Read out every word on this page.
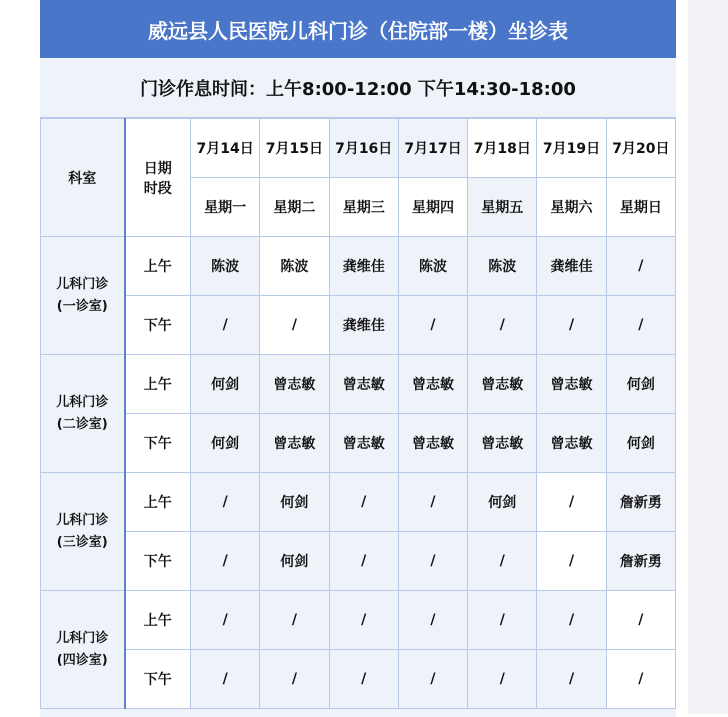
威远县人民医院儿科门诊（住院部一楼）坐诊表
门诊作息时间：上午8:00-12:00 下午14:30-18:00
科室	日期
时段	7月14日	7月15日	7月16日	7月17日	7月18日	7月19日	7月20日
		星期一	星期二	星期三	星期四	星期五	星期六	星期日
儿科门诊
(一诊室)	上午	陈波	陈波	龚维佳	陈波	陈波	龚维佳	/
	下午	/	/	龚维佳	/	/	/	/
儿科门诊
(二诊室)	上午	何剑	曾志敏	曾志敏	曾志敏	曾志敏	曾志敏	何剑
	下午	何剑	曾志敏	曾志敏	曾志敏	曾志敏	曾志敏	何剑
儿科门诊
(三诊室)	上午	/	何剑	/	/	何剑	/	詹新勇
	下午	/	何剑	/	/	/	/	詹新勇
儿科门诊
(四诊室)	上午	/	/	/	/	/	/	/
	下午	/	/	/	/	/	/	/
